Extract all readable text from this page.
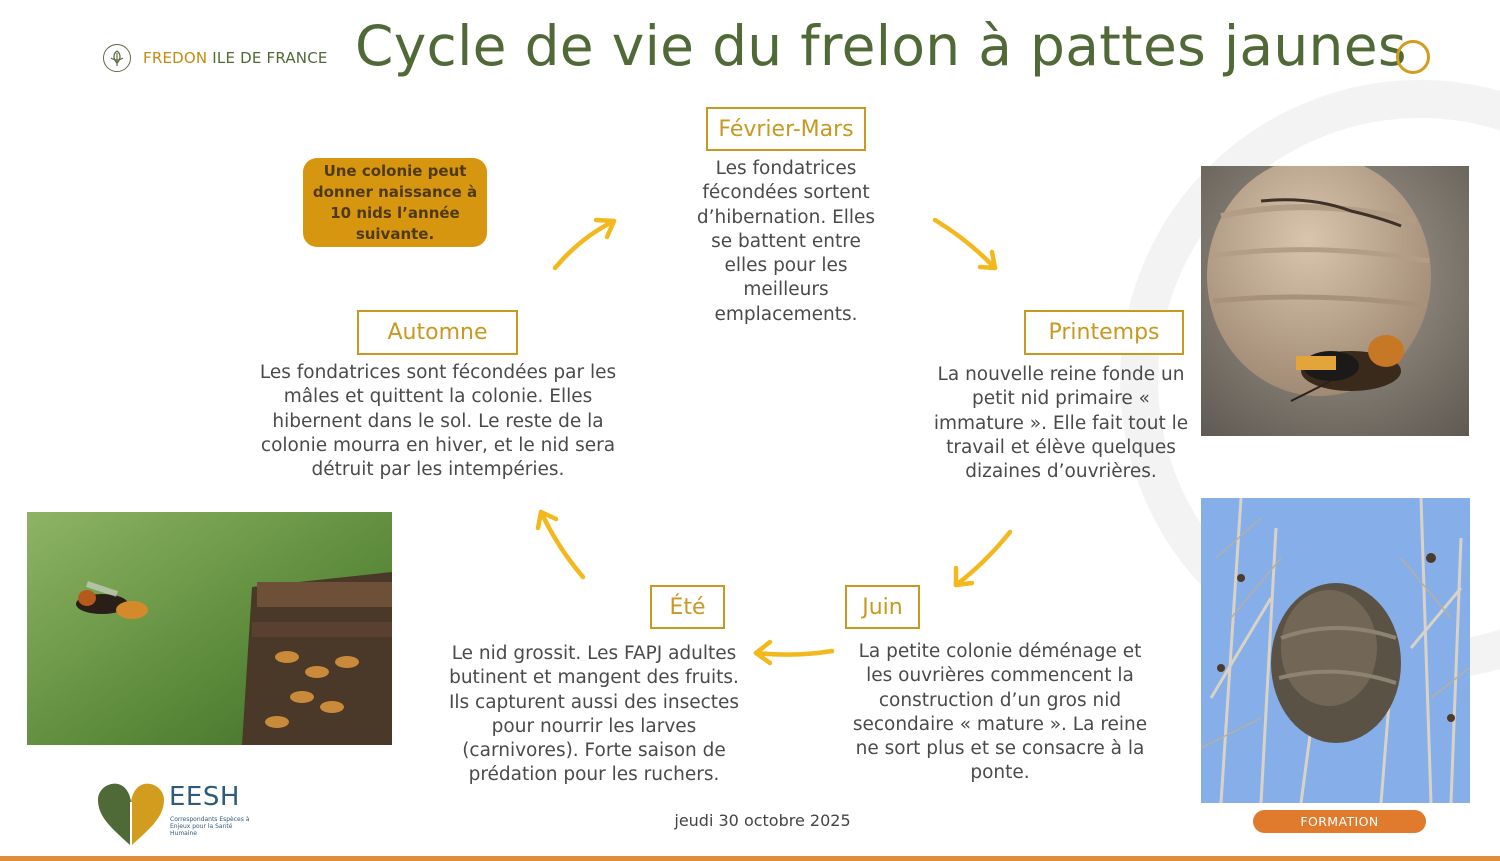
FREDON ILE DE FRANCE Cycle de vie du frelon à pattes jaunes
Une colonie peut donner naissance à 10 nids l’année suivante.
Février-Mars
Les fondatrices fécondées sortent d’hibernation. Elles se battent entre elles pour les meilleurs emplacements.
Printemps
La nouvelle reine fonde un petit nid primaire « immature ». Elle fait tout le travail et élève quelques dizaines d’ouvrières.
Juin
La petite colonie déménage et les ouvrières commencent la construction d’un gros nid secondaire « mature ». La reine ne sort plus et se consacre à la ponte.
Été
Le nid grossit. Les FAPJ adultes butinent et mangent des fruits. Ils capturent aussi des insectes pour nourrir les larves (carnivores). Forte saison de prédation pour les ruchers.
Automne
Les fondatrices sont fécondées par les mâles et quittent la colonie. Elles hibernent dans le sol. Le reste de la colonie mourra en hiver, et le nid sera détruit par les intempéries.
EESH
Correspondants Espèces à Enjeux pour la Santé Humaine
jeudi 30 octobre 2025	FORMATION
